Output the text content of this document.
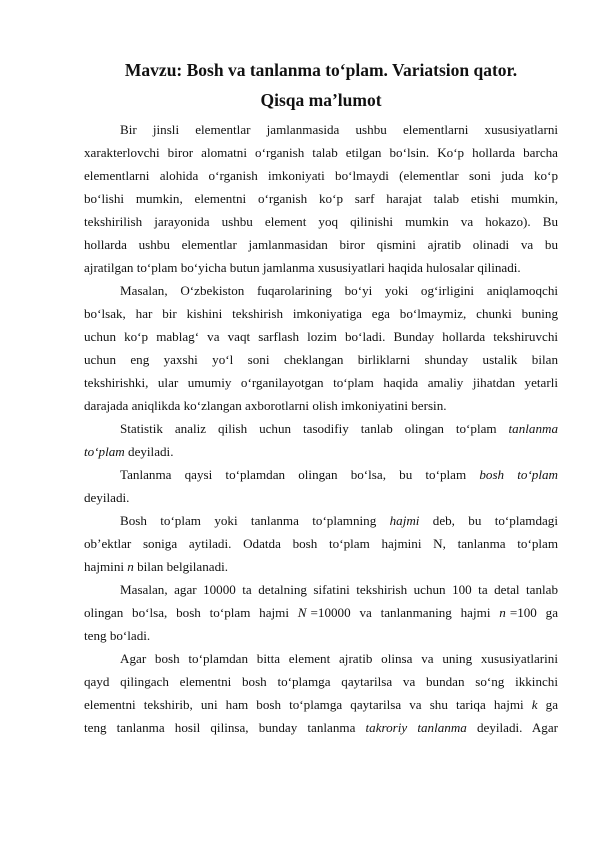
Mavzu: Bosh va tanlanma to‘plam. Variatsion qator.
Qisqa ma’lumot
Bir jinsli elementlar jamlanmasida ushbu elementlarni xususiyatlarni
xarakterlovchi biror alomatni o‘rganish talab etilgan bo‘lsin. Ko‘p hollarda barcha
elementlarni alohida o‘rganish imkoniyati bo‘lmaydi (elementlar soni juda ko‘p
bo‘lishi mumkin, elementni o‘rganish ko‘p sarf harajat talab etishi mumkin,
tekshirilish jarayonida ushbu element yoq qilinishi mumkin va hokazo). Bu
hollarda ushbu elementlar jamlanmasidan biror qismini ajratib olinadi va bu
ajratilgan to‘plam bo‘yicha butun jamlanma xususiyatlari haqida hulosalar qilinadi.
Masalan, O‘zbekiston fuqarolarining bo‘yi yoki og‘irligini aniqlamoqchi
bo‘lsak, har bir kishini tekshirish imkoniyatiga ega bo‘lmaymiz, chunki buning
uchun ko‘p mablag‘ va vaqt sarflash lozim bo‘ladi. Bunday hollarda tekshiruvchi
uchun eng yaxshi yo‘l soni cheklangan birliklarni shunday ustalik bilan
tekshirishki, ular umumiy o‘rganilayotgan to‘plam haqida amaliy jihatdan yetarli
darajada aniqlikda ko‘zlangan axborotlarni olish imkoniyatini bersin.
Statistik analiz qilish uchun tasodifiy tanlab olingan to‘plam tanlanma
to‘plam deyiladi.
Tanlanma qaysi to‘plamdan olingan bo‘lsa, bu to‘plam bosh to‘plam
deyiladi.
Bosh to‘plam yoki tanlanma to‘plamning hajmi deb, bu to‘plamdagi
ob’ektlar soniga aytiladi. Odatda bosh to‘plam hajmini N, tanlanma to‘plam
hajmini n bilan belgilanadi.
Masalan, agar 10000 ta detalning sifatini tekshirish uchun 100 ta detal tanlab
olingan bo‘lsa, bosh to‘plam hajmi N =10000 va tanlanmaning hajmi n =100 ga
teng bo‘ladi.
Agar bosh to‘plamdan bitta element ajratib olinsa va uning xususiyatlarini
qayd qilingach elementni bosh to‘plamga qaytarilsa va bundan so‘ng ikkinchi
elementni tekshirib, uni ham bosh to‘plamga qaytarilsa va shu tariqa hajmi k ga
teng tanlanma hosil qilinsa, bunday tanlanma takroriy tanlanma deyiladi. Agar
